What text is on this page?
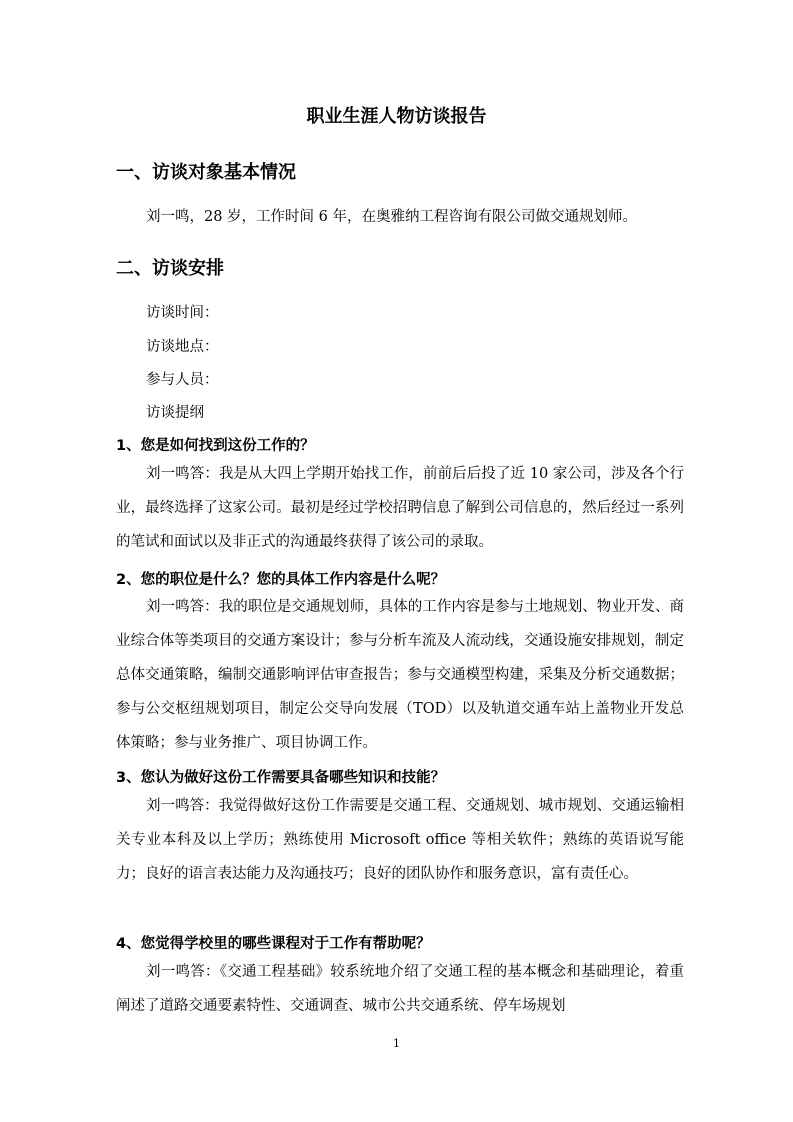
职业生涯人物访谈报告
一、访谈对象基本情况
刘一鸣，28 岁，工作时间 6 年，在奥雅纳工程咨询有限公司做交通规划师。
二、访谈安排
访谈时间：
访谈地点：
参与人员：
访谈提纲
1、您是如何找到这份工作的？
刘一鸣答：我是从大四上学期开始找工作，前前后后投了近 10 家公司，涉及各个行业，最终选择了这家公司。最初是经过学校招聘信息了解到公司信息的，然后经过一系列的笔试和面试以及非正式的沟通最终获得了该公司的录取。
2、您的职位是什么？您的具体工作内容是什么呢？
刘一鸣答：我的职位是交通规划师，具体的工作内容是参与土地规划、物业开发、商业综合体等类项目的交通方案设计；参与分析车流及人流动线，交通设施安排规划，制定总体交通策略，编制交通影响评估审查报告；参与交通模型构建，采集及分析交通数据；参与公交枢纽规划项目，制定公交导向发展（TOD）以及轨道交通车站上盖物业开发总体策略；参与业务推广、项目协调工作。
3、您认为做好这份工作需要具备哪些知识和技能？
刘一鸣答：我觉得做好这份工作需要是交通工程、交通规划、城市规划、交通运输相关专业本科及以上学历；熟练使用 Microsoft office 等相关软件；熟练的英语说写能力；良好的语言表达能力及沟通技巧；良好的团队协作和服务意识，富有责任心。
4、您觉得学校里的哪些课程对于工作有帮助呢？
刘一鸣答：《交通工程基础》较系统地介绍了交通工程的基本概念和基础理论，着重阐述了道路交通要素特性、交通调查、城市公共交通系统、停车场规划
1
